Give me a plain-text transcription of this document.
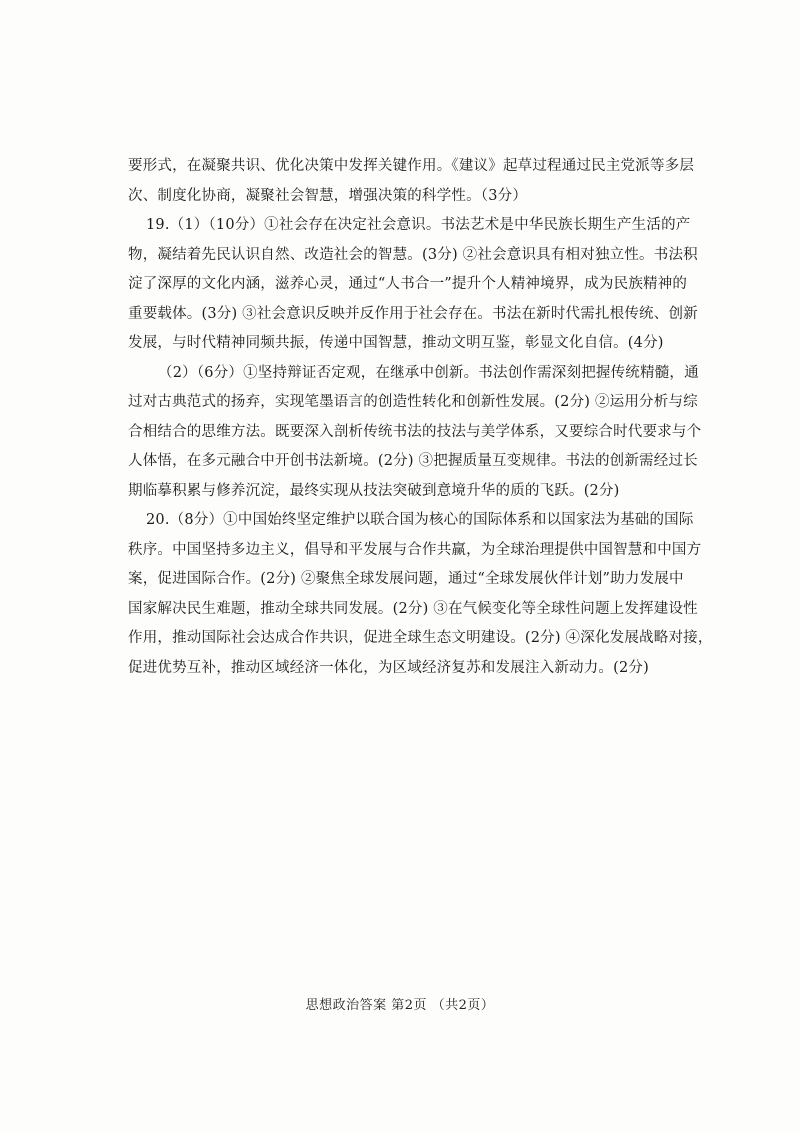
要形式，在凝聚共识、优化决策中发挥关键作用。《建议》起草过程通过民主党派等多层
次、制度化协商，凝聚社会智慧，增强决策的科学性。（3分）
19.（1）（10分）①社会存在决定社会意识。书法艺术是中华民族长期生产生活的产
物，凝结着先民认识自然、改造社会的智慧。(3分) ②社会意识具有相对独立性。书法积
淀了深厚的文化内涵，滋养心灵，通过“人书合一”提升个人精神境界，成为民族精神的
重要载体。(3分) ③社会意识反映并反作用于社会存在。书法在新时代需扎根传统、创新
发展，与时代精神同频共振，传递中国智慧，推动文明互鉴，彰显文化自信。(4分)
（2）（6分）①坚持辩证否定观，在继承中创新。书法创作需深刻把握传统精髓，通
过对古典范式的扬弃，实现笔墨语言的创造性转化和创新性发展。(2分) ②运用分析与综
合相结合的思维方法。既要深入剖析传统书法的技法与美学体系，又要综合时代要求与个
人体悟，在多元融合中开创书法新境。(2分) ③把握质量互变规律。书法的创新需经过长
期临摹积累与修养沉淀，最终实现从技法突破到意境升华的质的飞跃。(2分)
20.（8分）①中国始终坚定维护以联合国为核心的国际体系和以国家法为基础的国际
秩序。中国坚持多边主义，倡导和平发展与合作共赢，为全球治理提供中国智慧和中国方
案，促进国际合作。(2分) ②聚焦全球发展问题，通过“全球发展伙伴计划”助力发展中
国家解决民生难题，推动全球共同发展。(2分) ③在气候变化等全球性问题上发挥建设性
作用，推动国际社会达成合作共识，促进全球生态文明建设。(2分) ④深化发展战略对接，
促进优势互补，推动区域经济一体化，为区域经济复苏和发展注入新动力。(2分)
思想政治答案 第2页 （共2页）
